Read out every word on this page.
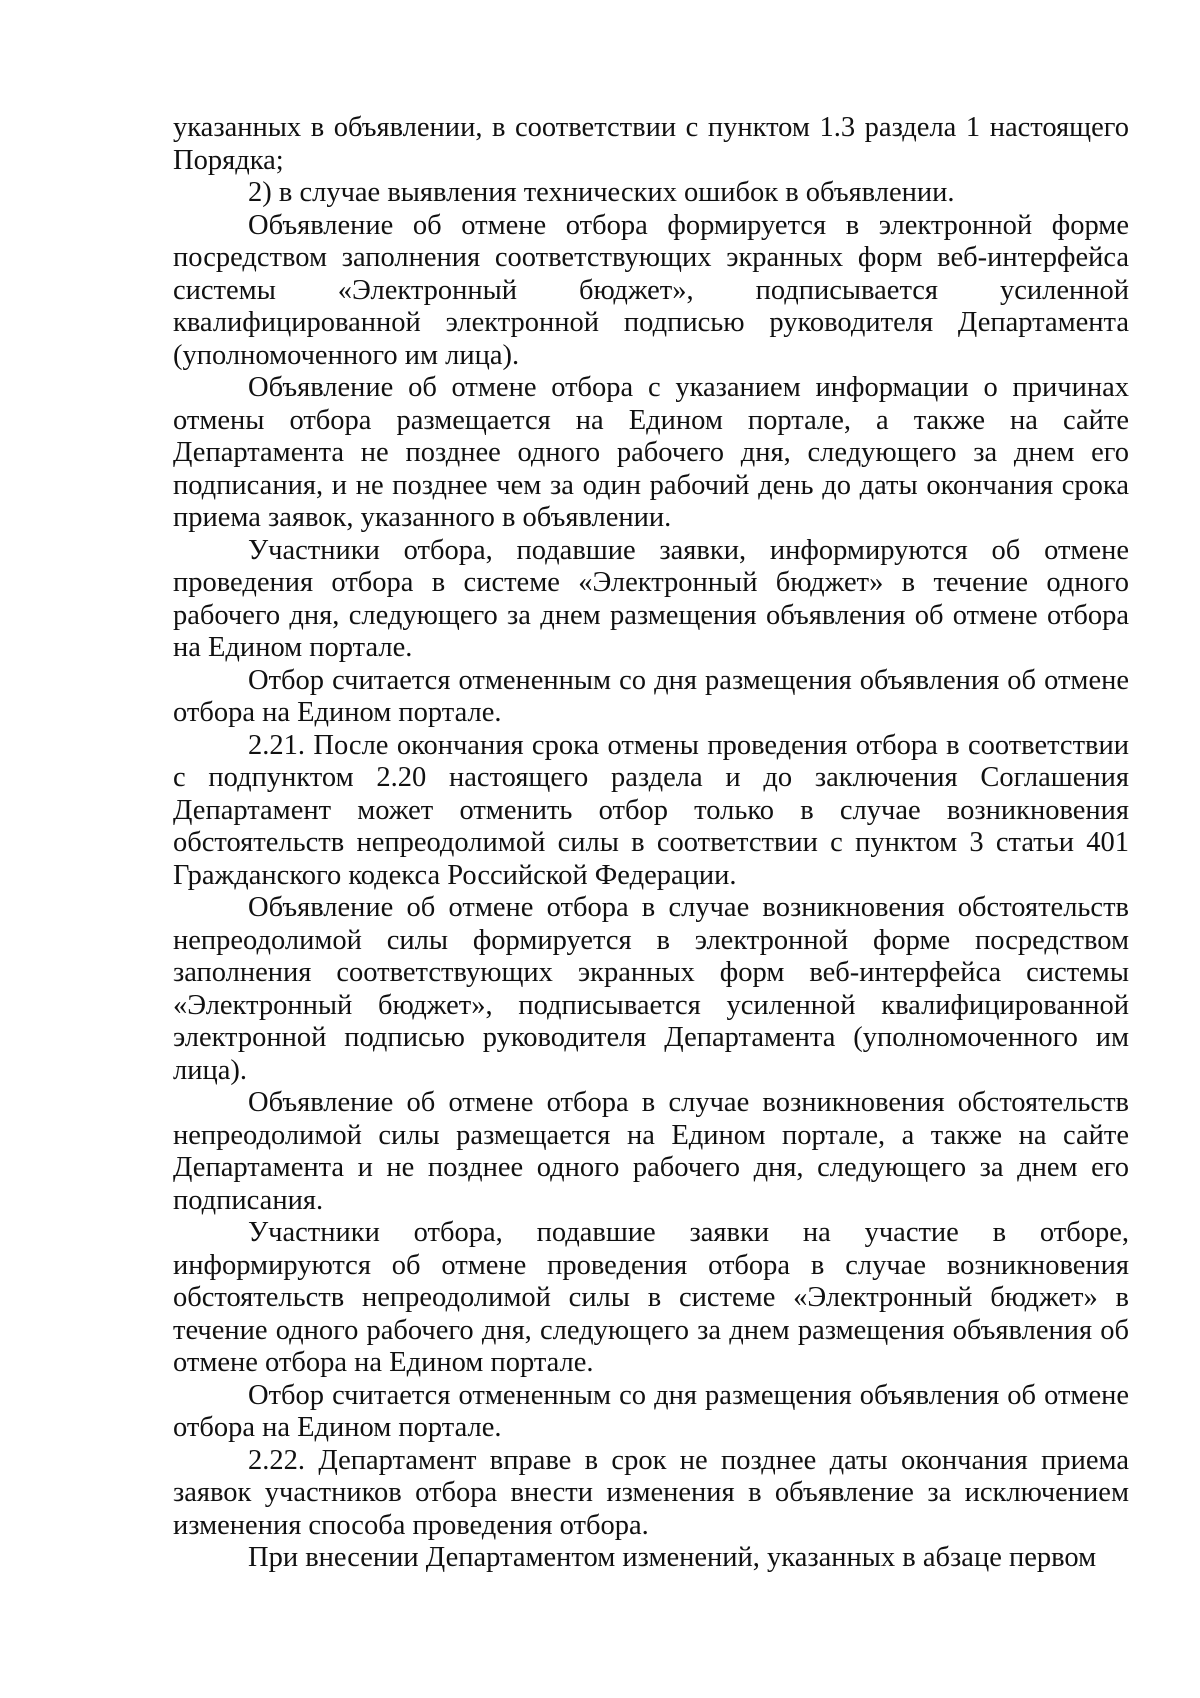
указанных в объявлении, в соответствии с пунктом 1.3 раздела 1 настоящего Порядка;

2) в случае выявления технических ошибок в объявлении.

Объявление об отмене отбора формируется в электронной форме посредством заполнения соответствующих экранных форм веб-интерфейса системы «Электронный бюджет», подписывается усиленной квалифицированной электронной подписью руководителя Департамента (уполномоченного им лица).

Объявление об отмене отбора с указанием информации о причинах отмены отбора размещается на Едином портале, а также на сайте Департамента не позднее одного рабочего дня, следующего за днем его подписания, и не позднее чем за один рабочий день до даты окончания срока приема заявок, указанного в объявлении.

Участники отбора, подавшие заявки, информируются об отмене проведения отбора в системе «Электронный бюджет» в течение одного рабочего дня, следующего за днем размещения объявления об отмене отбора на Едином портале.

Отбор считается отмененным со дня размещения объявления об отмене отбора на Едином портале.

2.21. После окончания срока отмены проведения отбора в соответствии с подпунктом 2.20 настоящего раздела и до заключения Соглашения Департамент может отменить отбор только в случае возникновения обстоятельств непреодолимой силы в соответствии с пунктом 3 статьи 401 Гражданского кодекса Российской Федерации.

Объявление об отмене отбора в случае возникновения обстоятельств непреодолимой силы формируется в электронной форме посредством заполнения соответствующих экранных форм веб-интерфейса системы «Электронный бюджет», подписывается усиленной квалифицированной электронной подписью руководителя Департамента (уполномоченного им лица).

Объявление об отмене отбора в случае возникновения обстоятельств непреодолимой силы размещается на Едином портале, а также на сайте Департамента и не позднее одного рабочего дня, следующего за днем его подписания.

Участники отбора, подавшие заявки на участие в отборе, информируются об отмене проведения отбора в случае возникновения обстоятельств непреодолимой силы в системе «Электронный бюджет» в течение одного рабочего дня, следующего за днем размещения объявления об отмене отбора на Едином портале.

Отбор считается отмененным со дня размещения объявления об отмене отбора на Едином портале.

2.22. Департамент вправе в срок не позднее даты окончания приема заявок участников отбора внести изменения в объявление за исключением изменения способа проведения отбора.

При внесении Департаментом изменений, указанных в абзаце первом
